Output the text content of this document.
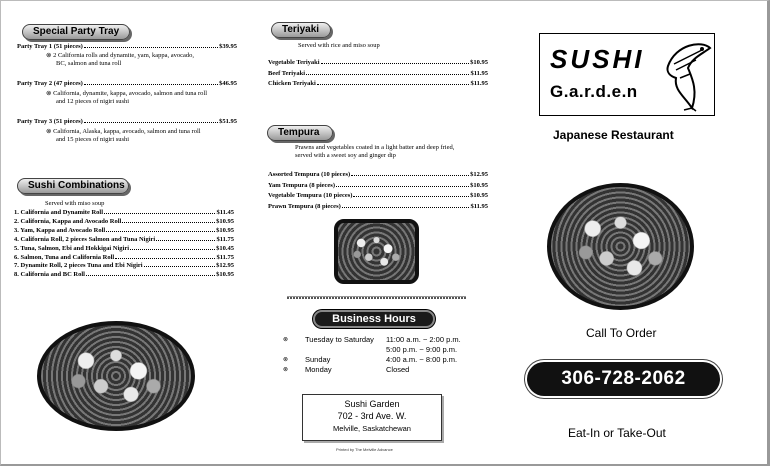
Special Party Tray
Party Tray 1 (51 pieces)	$39.95
⊗ 2 California rolls and dynamite, yam, kappa, avocado,
BC, salmon and tuna roll
Party Tray 2 (47 pieces)	$46.95
⊗ California, dynamite, kappa, avocado, salmon and tuna roll
and 12 pieces of nigiri sushi
Party Tray 3 (51 pieces)	$51.95
⊗ California, Alaska, kappa, avocado, salmon and tuna roll
and 15 pieces of nigiri sushi
Sushi Combinations
Served with miso soup
1. California and Dynamite Roll	$11.45
2. California, Kappa and Avocado Roll	$10.95
3. Yam, Kappa and Avocado Roll	$10.95
4. California Roll, 2 pieces Salmon and Tuna Nigiri	$11.75
5. Tuna, Salmon, Ebi and Hokkigai Nigiri	$10.45
6. Salmon, Tuna and California Roll	$11.75
7. Dynamite Roll, 2 pieces Tuna and Ebi Nigiri	$12.95
8. California and BC Roll	$10.95
Teriyaki
Served with rice and miso soup
Vegetable Teriyaki	$10.95
Beef Teriyaki	$11.95
Chicken Teriyaki	$11.95
Tempura
Prawns and vegetables coated in a light batter and deep fried,
served with a sweet soy and ginger dip
Assorted Tempura (10 pieces)	$12.95
Yam Tempura (8 pieces)	$10.95
Vegetable Tempura (10 pieces)	$10.95
Prawn Tempura (8 pieces)	$11.95
Business Hours
⊗ Tuesday to Saturday 11:00 a.m. ~ 2:00 p.m.
5:00 p.m. ~ 9:00 p.m.
⊗ Sunday	4:00 a.m. ~ 8:00 p.m.
⊗ Monday	Closed
Sushi Garden
702 - 3rd Ave. W.
Melville, Saskatchewan
Printed by The Melville Advance
SUSHI
G.a.r.d.e.n
Japanese Restaurant
Call To Order
306-728-2062
Eat-In or Take-Out
